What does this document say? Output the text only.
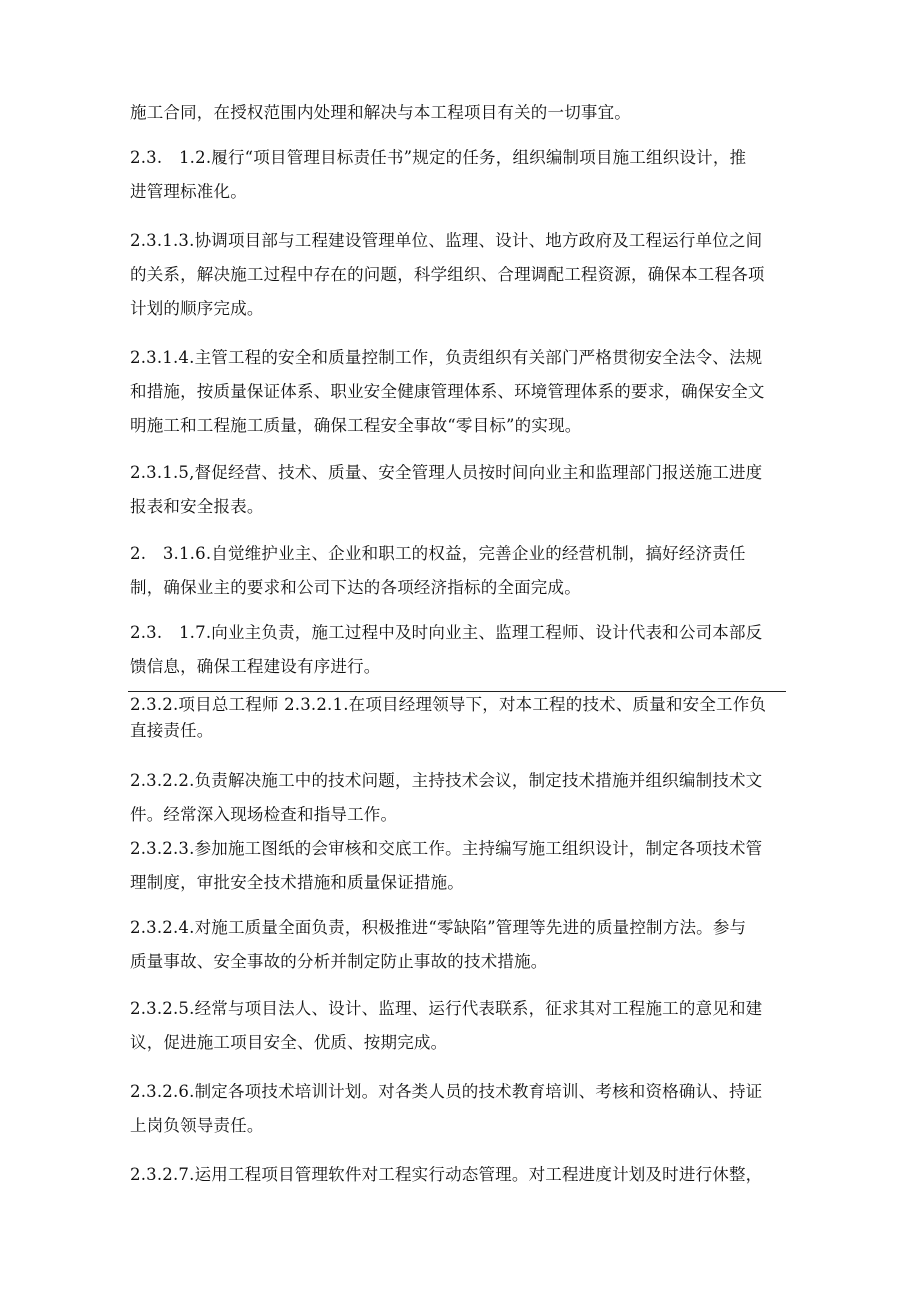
施工合同，在授权范围内处理和解决与本工程项目有关的一切事宜。
2.3.　1.2.履行“项目管理目标责任书”规定的任务，组织编制项目施工组织设计，推
进管理标准化。
2.3.1.3.协调项目部与工程建设管理单位、监理、设计、地方政府及工程运行单位之间
的关系，解决施工过程中存在的问题，科学组织、合理调配工程资源，确保本工程各项
计划的顺序完成。
2.3.1.4.主管工程的安全和质量控制工作，负责组织有关部门严格贯彻安全法令、法规
和措施，按质量保证体系、职业安全健康管理体系、环境管理体系的要求，确保安全文
明施工和工程施工质量，确保工程安全事故“零目标”的实现。
2.3.1.5,督促经营、技术、质量、安全管理人员按时间向业主和监理部门报送施工进度
报表和安全报表。
2.　3.1.6.自觉维护业主、企业和职工的权益，完善企业的经营机制，搞好经济责任
制，确保业主的要求和公司下达的各项经济指标的全面完成。
2.3.　1.7.向业主负责，施工过程中及时向业主、监理工程师、设计代表和公司本部反
馈信息，确保工程建设有序进行。
2.3.2.项目总工程师 2.3.2.1.在项目经理领导下，对本工程的技术、质量和安全工作负
直接责任。
2.3.2.2.负责解决施工中的技术问题，主持技术会议，制定技术措施并组织编制技术文
件。经常深入现场检查和指导工作。
2.3.2.3.参加施工图纸的会审核和交底工作。主持编写施工组织设计，制定各项技术管
理制度，审批安全技术措施和质量保证措施。
2.3.2.4.对施工质量全面负责，积极推进“零缺陷”管理等先进的质量控制方法。参与
质量事故、安全事故的分析并制定防止事故的技术措施。
2.3.2.5.经常与项目法人、设计、监理、运行代表联系，征求其对工程施工的意见和建
议，促进施工项目安全、优质、按期完成。
2.3.2.6.制定各项技术培训计划。对各类人员的技术教育培训、考核和资格确认、持证
上岗负领导责任。
2.3.2.7.运用工程项目管理软件对工程实行动态管理。对工程进度计划及时进行休整，
